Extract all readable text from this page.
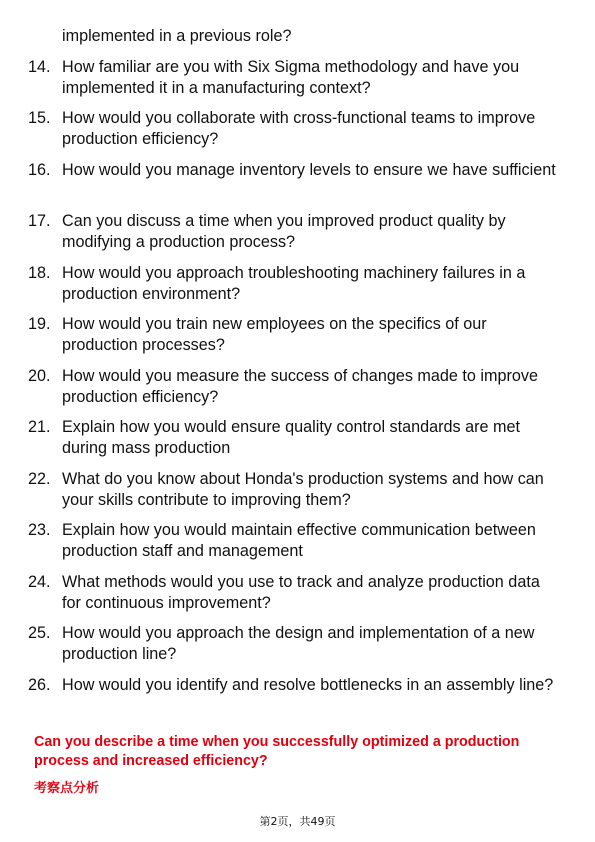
implemented in a previous role?

14. How familiar are you with Six Sigma methodology and have you implemented it in a manufacturing context?

15. How would you collaborate with cross-functional teams to improve production efficiency?

16. How would you manage inventory levels to ensure we have sufficient

17. Can you discuss a time when you improved product quality by modifying a production process?

18. How would you approach troubleshooting machinery failures in a production environment?

19. How would you train new employees on the specifics of our production processes?

20. How would you measure the success of changes made to improve production efficiency?

21. Explain how you would ensure quality control standards are met during mass production

22. What do you know about Honda's production systems and how can your skills contribute to improving them?

23. Explain how you would maintain effective communication between production staff and management

24. What methods would you use to track and analyze production data for continuous improvement?

25. How would you approach the design and implementation of a new production line?

26. How would you identify and resolve bottlenecks in an assembly line?

Can you describe a time when you successfully optimized a production process and increased efficiency?

考察点分析

第2页，共49页
